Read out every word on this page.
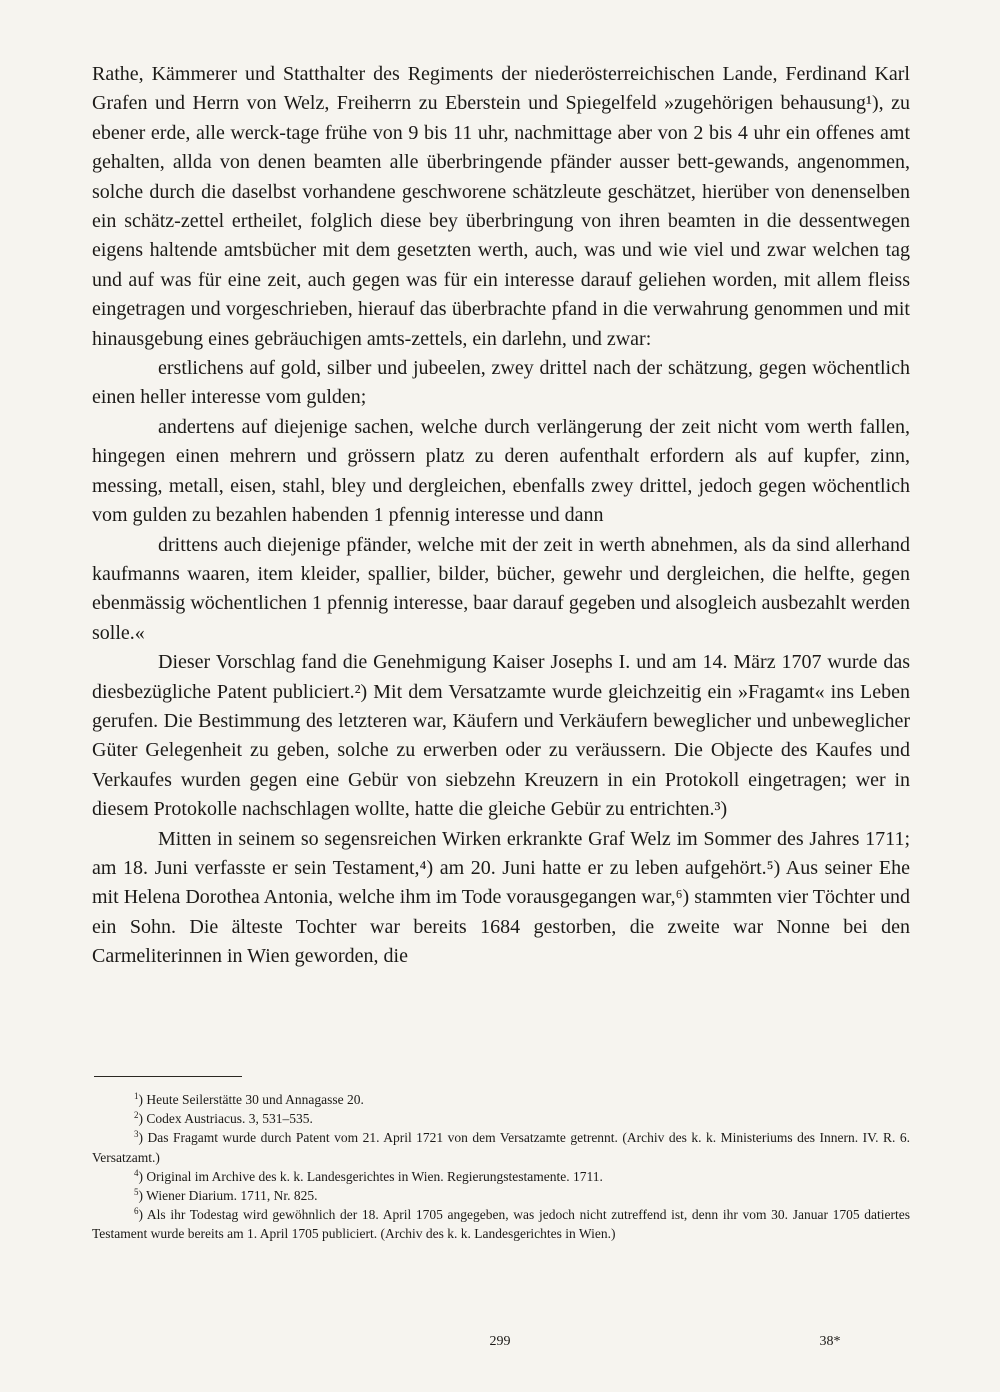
Rathe, Kämmerer und Statthalter des Regiments der niederösterreichischen Lande, Ferdinand Karl Grafen und Herrn von Welz, Freiherrn zu Eberstein und Spiegelfeld »zugehörigen behausung¹), zu ebener erde, alle werck-tage frühe von 9 bis 11 uhr, nachmittage aber von 2 bis 4 uhr ein offenes amt gehalten, allda von denen beamten alle überbringende pfänder ausser bett-gewands, angenommen, solche durch die daselbst vorhandene geschworene schätzleute geschätzet, hierüber von denenselben ein schätz-zettel ertheilet, folglich diese bey überbringung von ihren beamten in die dessentwegen eigens haltende amtsbücher mit dem gesetzten werth, auch, was und wie viel und zwar welchen tag und auf was für eine zeit, auch gegen was für ein interesse darauf geliehen worden, mit allem fleiss eingetragen und vorgeschrieben, hierauf das überbrachte pfand in die verwahrung genommen und mit hinausgebung eines gebräuchigen amts-zettels, ein darlehn, und zwar:

erstlichens auf gold, silber und jubeelen, zwey drittel nach der schätzung, gegen wöchentlich einen heller interesse vom gulden;

andertens auf diejenige sachen, welche durch verlängerung der zeit nicht vom werth fallen, hingegen einen mehrern und grössern platz zu deren aufenthalt erfordern als auf kupfer, zinn, messing, metall, eisen, stahl, bley und dergleichen, ebenfalls zwey drittel, jedoch gegen wöchentlich vom gulden zu bezahlen habenden 1 pfennig interesse und dann

drittens auch diejenige pfänder, welche mit der zeit in werth abnehmen, als da sind allerhand kaufmanns waaren, item kleider, spallier, bilder, bücher, gewehr und dergleichen, die helfte, gegen ebenmässig wöchentlichen 1 pfennig interesse, baar darauf gegeben und alsogleich ausbezahlt werden solle.«

Dieser Vorschlag fand die Genehmigung Kaiser Josephs I. und am 14. März 1707 wurde das diesbezügliche Patent publiciert.²) Mit dem Versatzamte wurde gleichzeitig ein »Fragamt« ins Leben gerufen. Die Bestimmung des letzteren war, Käufern und Verkäufern beweglicher und unbeweglicher Güter Gelegenheit zu geben, solche zu erwerben oder zu veräussern. Die Objecte des Kaufes und Verkaufes wurden gegen eine Gebür von siebzehn Kreuzern in ein Protokoll eingetragen; wer in diesem Protokolle nachschlagen wollte, hatte die gleiche Gebür zu entrichten.³)

Mitten in seinem so segensreichen Wirken erkrankte Graf Welz im Sommer des Jahres 1711; am 18. Juni verfasste er sein Testament,⁴) am 20. Juni hatte er zu leben aufgehört.⁵) Aus seiner Ehe mit Helena Dorothea Antonia, welche ihm im Tode vorausgegangen war,⁶) stammten vier Töchter und ein Sohn. Die älteste Tochter war bereits 1684 gestorben, die zweite war Nonne bei den Carmeliterinnen in Wien geworden, die

$^1$) Heute Seilerstätte 30 und Annagasse 20.

$^2$) Codex Austriacus. 3, 531–535.

$^3$) Das Fragamt wurde durch Patent vom 21. April 1721 von dem Versatzamte getrennt. (Archiv des k. k. Ministeriums des Innern. IV. R. 6. Versatzamt.)

$^4$) Original im Archive des k. k. Landesgerichtes in Wien. Regierungstestamente. 1711.

$^5$) Wiener Diarium. 1711, Nr. 825.

$^6$) Als ihr Todestag wird gewöhnlich der 18. April 1705 angegeben, was jedoch nicht zutreffend ist, denn ihr vom 30. Januar 1705 datiertes Testament wurde bereits am 1. April 1705 publiciert. (Archiv des k. k. Landesgerichtes in Wien.)

299	38*
